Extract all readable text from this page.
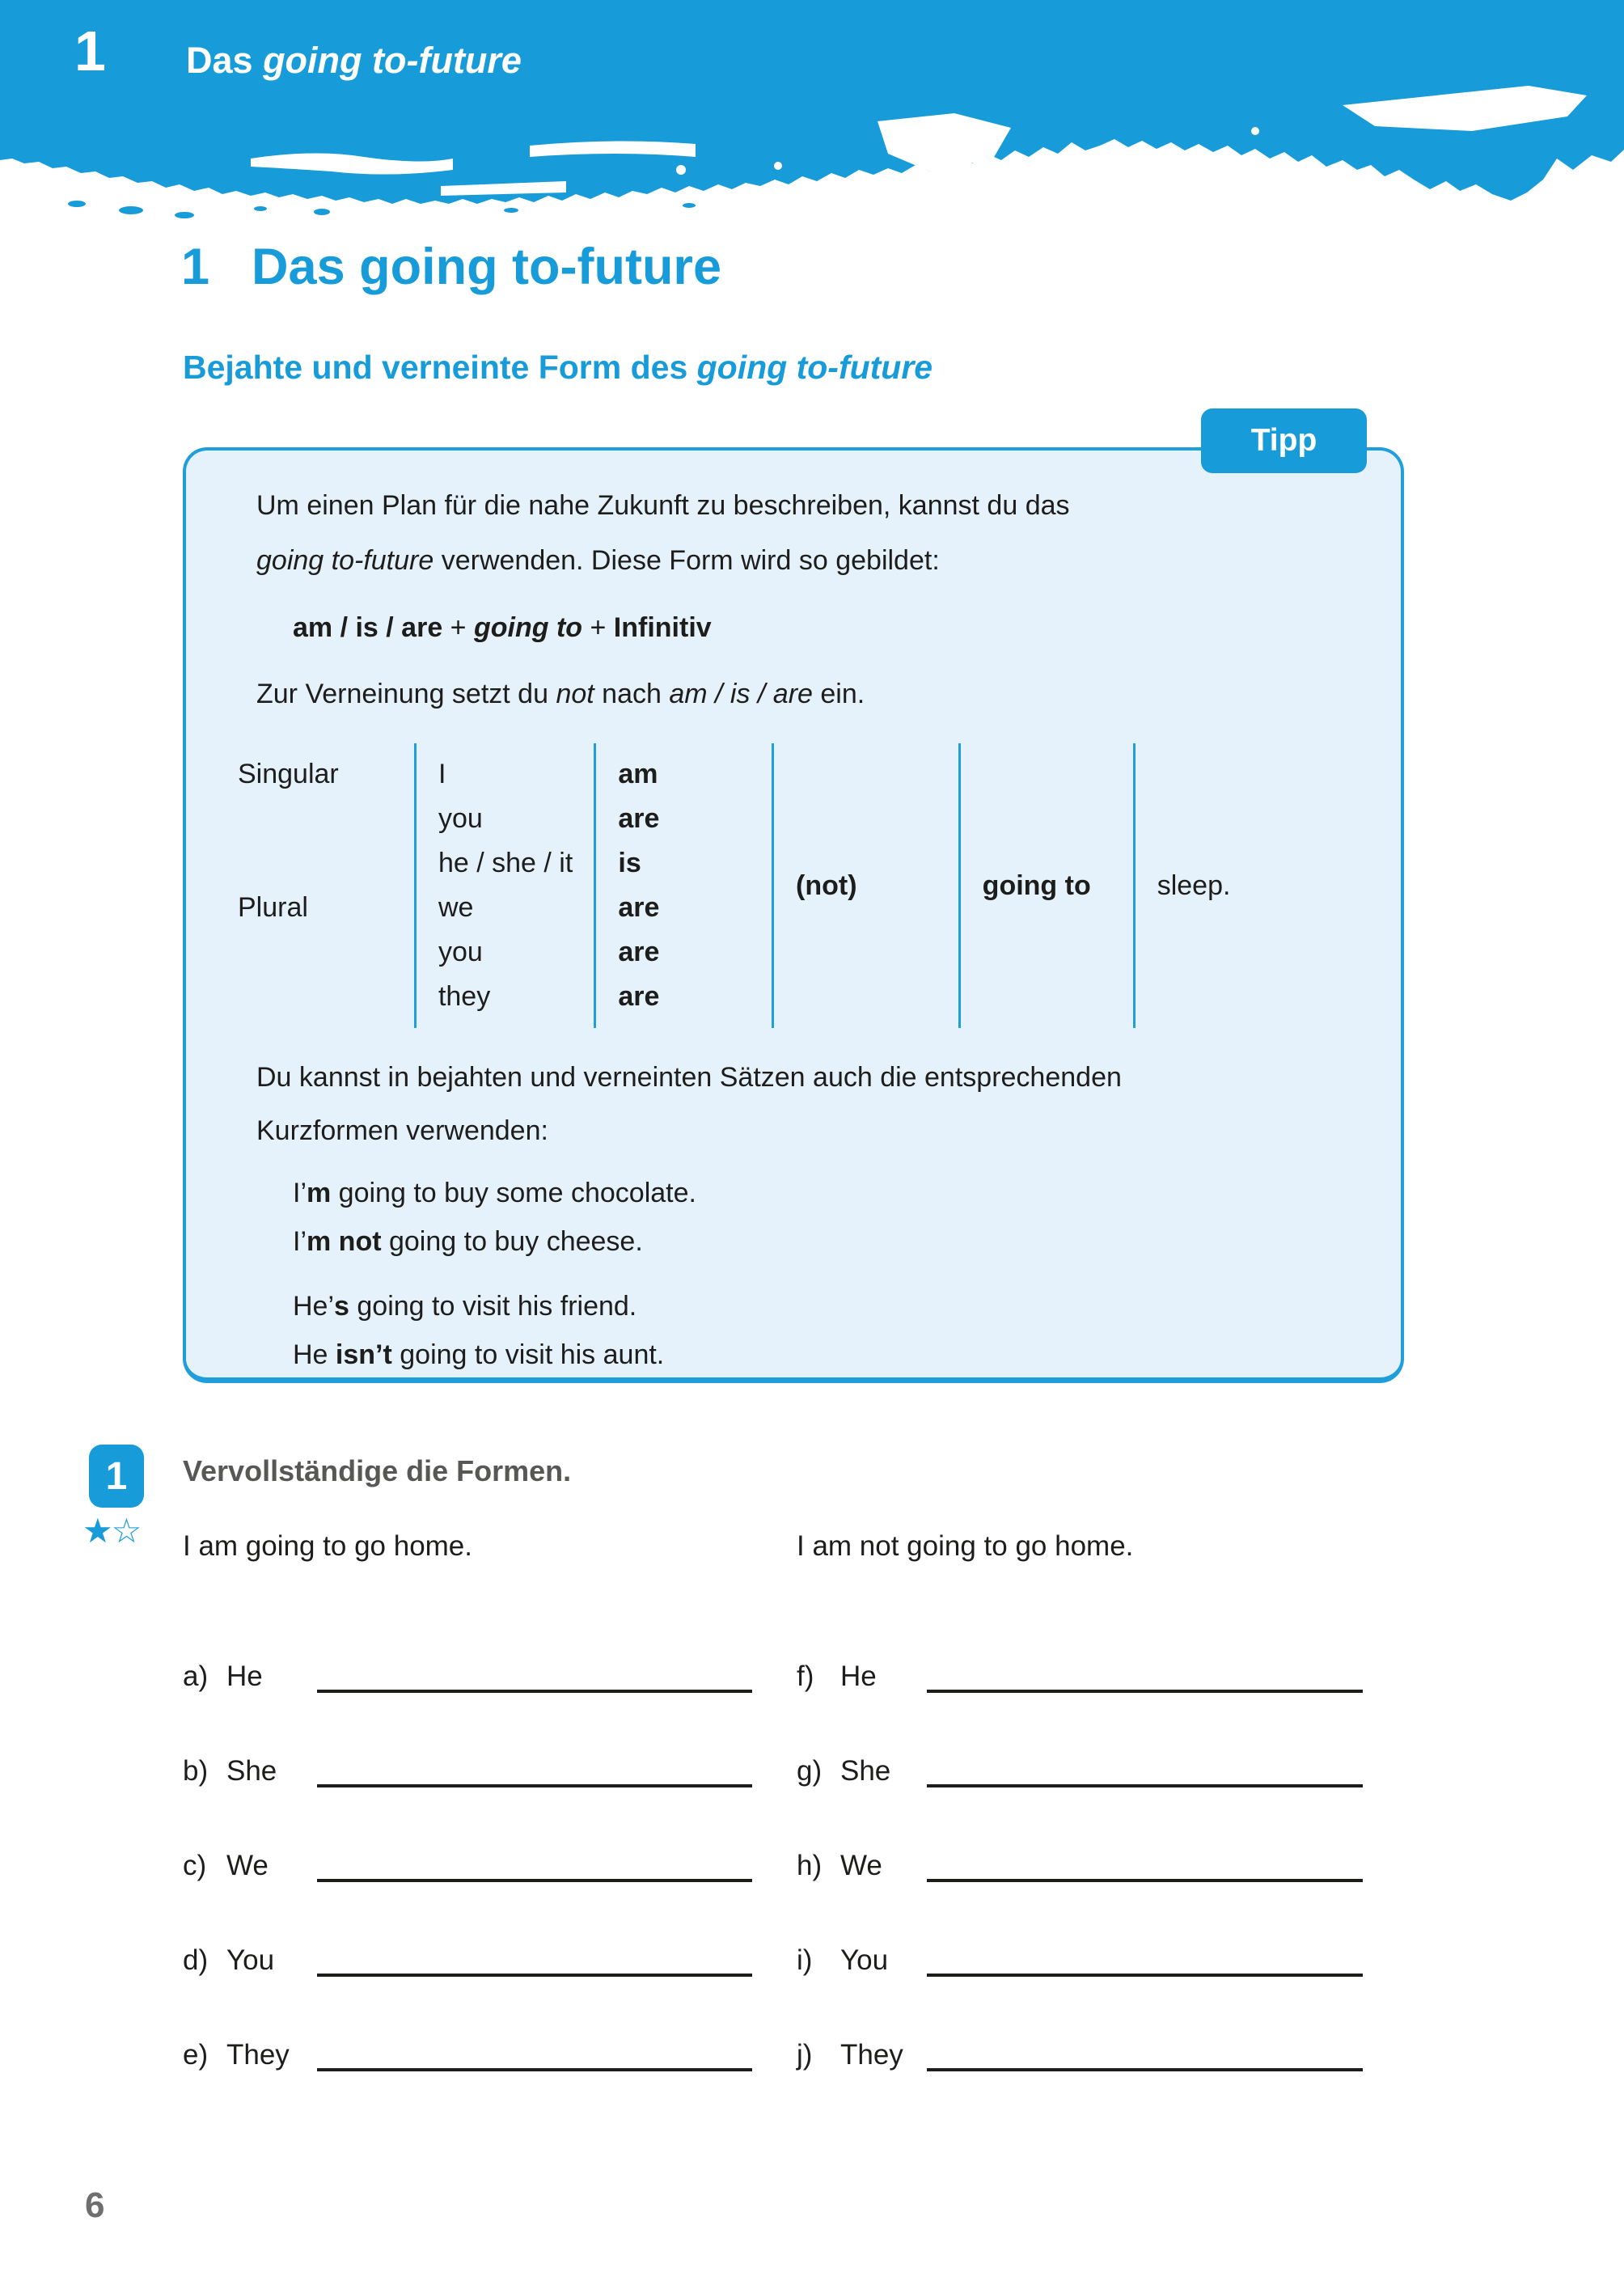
1 Das going to-future
1 Das going to-future
Bejahte und verneinte Form des going to-future
Tipp
Um einen Plan für die nahe Zukunft zu beschreiben, kannst du das
going to-future verwenden. Diese Form wird so gebildet:
am / is / are + going to + Infinitiv
Zur Verneinung setzt du not nach am / is / are ein.
Singular
Plural
I
you
he / she / it
we
you
they
am
are
is
are
are
are
(not)	going to sleep.
Du kannst in bejahten und verneinten Sätzen auch die entsprechenden
Kurzformen verwenden:
I’m going to buy some chocolate.
I’m not going to buy cheese.
He’s going to visit his friend.
He isn’t going to visit his aunt.
1
★☆
Vervollständige die Formen.
I am going to go home.	I am not going to go home.
a) He
b) She
c) We
d) You
e) They
f) He
g) She
h) We
i) You
j) They
6
